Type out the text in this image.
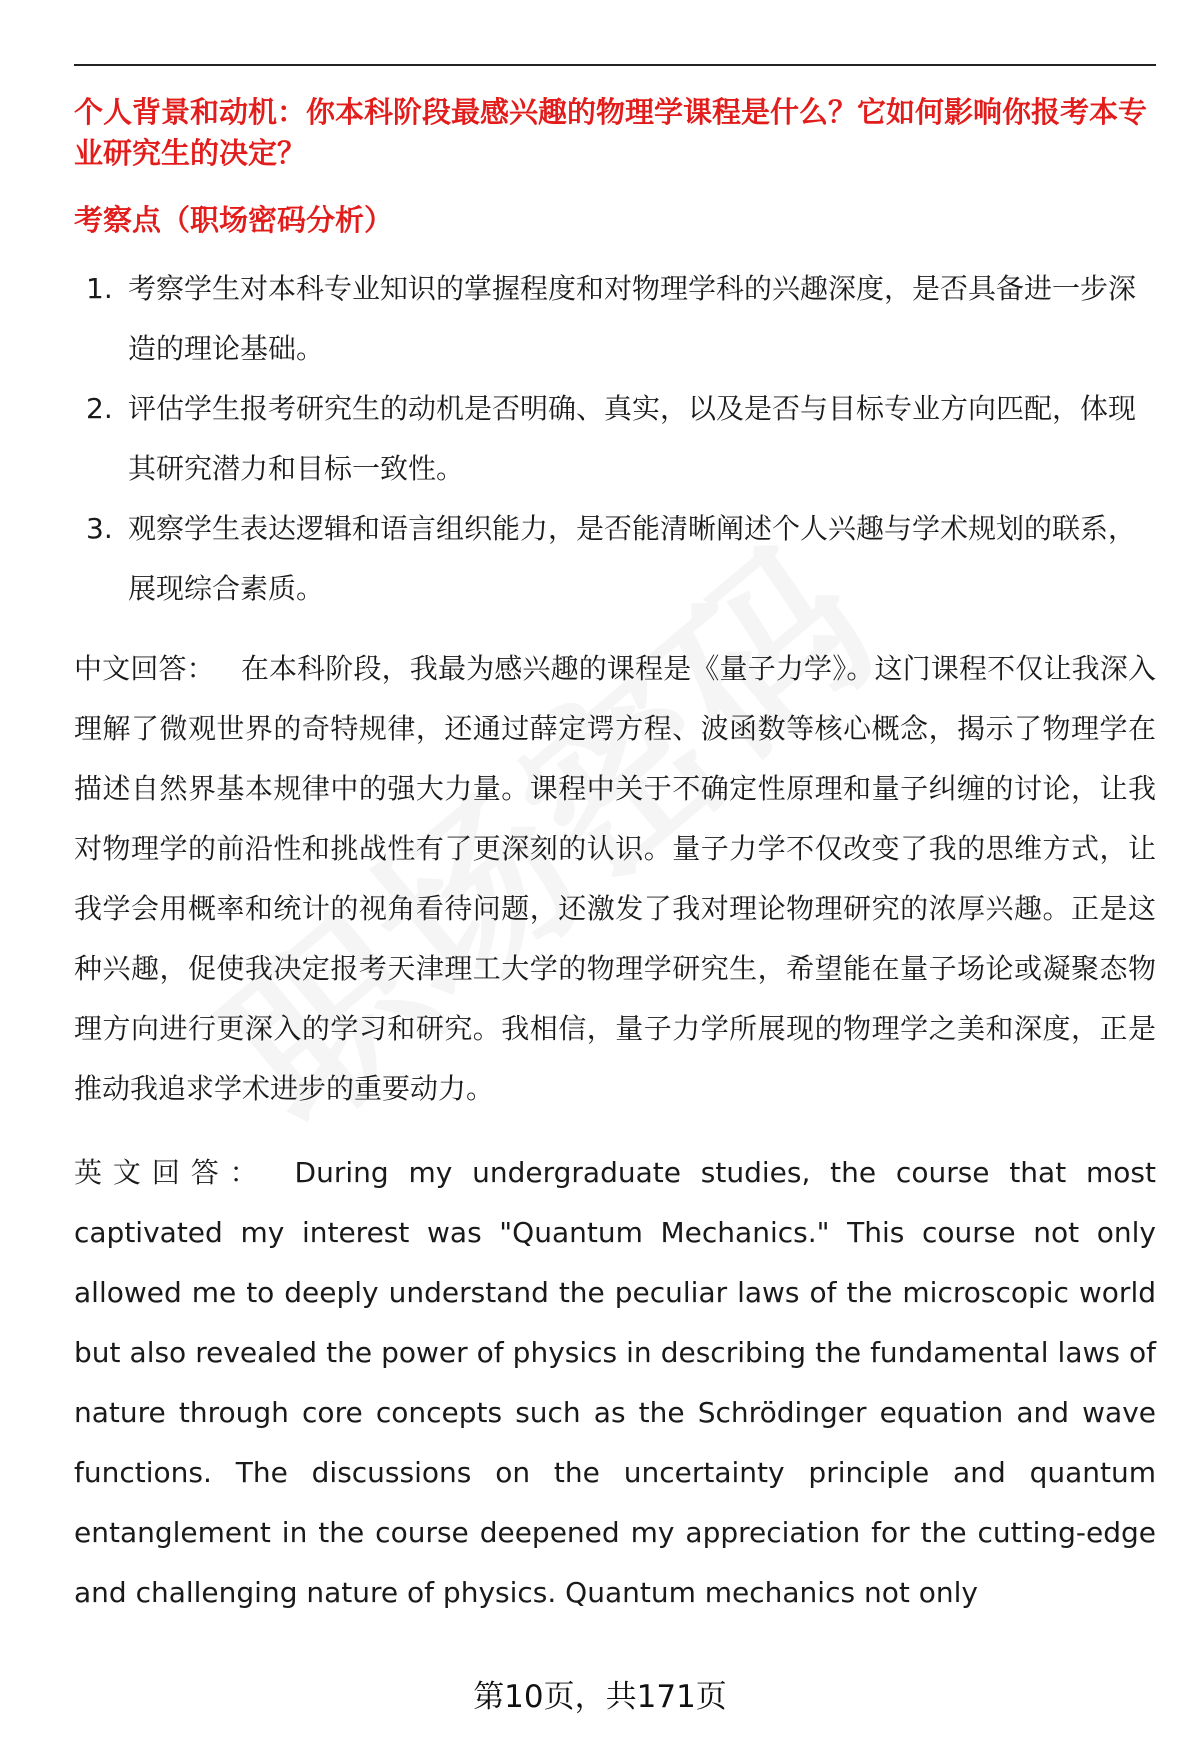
个人背景和动机：你本科阶段最感兴趣的物理学课程是什么？它如何影响你报考本专业研究生的决定？

考察点（职场密码分析）

1. 考察学生对本科专业知识的掌握程度和对物理学科的兴趣深度，是否具备进一步深造的理论基础。
2. 评估学生报考研究生的动机是否明确、真实，以及是否与目标专业方向匹配，体现其研究潜力和目标一致性。
3. 观察学生表达逻辑和语言组织能力，是否能清晰阐述个人兴趣与学术规划的联系，展现综合素质。

中文回答： 在本科阶段，我最为感兴趣的课程是《量子力学》。这门课程不仅让我深入理解了微观世界的奇特规律，还通过薛定谔方程、波函数等核心概念，揭示了物理学在描述自然界基本规律中的强大力量。课程中关于不确定性原理和量子纠缠的讨论，让我对物理学的前沿性和挑战性有了更深刻的认识。量子力学不仅改变了我的思维方式，让我学会用概率和统计的视角看待问题，还激发了我对理论物理研究的浓厚兴趣。正是这种兴趣，促使我决定报考天津理工大学的物理学研究生，希望能在量子场论或凝聚态物理方向进行更深入的学习和研究。我相信，量子力学所展现的物理学之美和深度，正是推动我追求学术进步的重要动力。

英文回答： During my undergraduate studies, the course that most captivated my interest was "Quantum Mechanics." This course not only allowed me to deeply understand the peculiar laws of the microscopic world but also revealed the power of physics in describing the fundamental laws of nature through core concepts such as the Schrödinger equation and wave functions. The discussions on the uncertainty principle and quantum entanglement in the course deepened my appreciation for the cutting-edge and challenging nature of physics. Quantum mechanics not only

第10页，共171页
